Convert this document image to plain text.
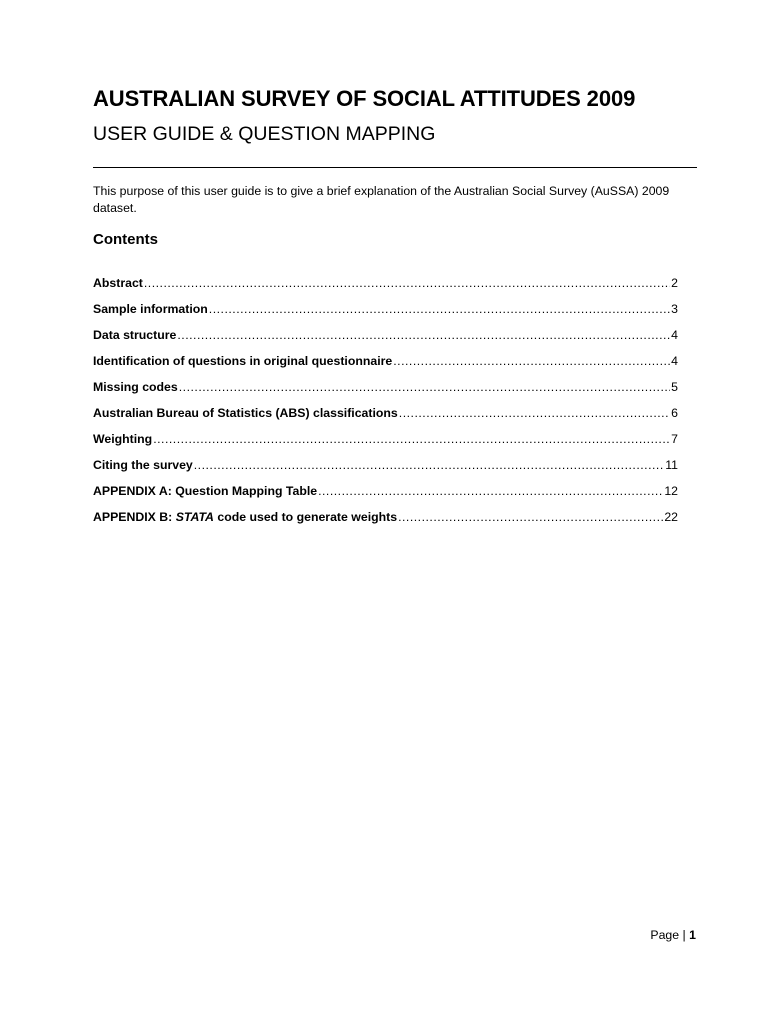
AUSTRALIAN SURVEY OF SOCIAL ATTITUDES 2009
USER GUIDE & QUESTION MAPPING

This purpose of this user guide is to give a brief explanation of the Australian Social Survey (AuSSA) 2009 dataset.

Contents
Abstract .....	2
Sample information .....	3
Data structure .....	4
Identification of questions in original questionnaire .....	4
Missing codes .....	5
Australian Bureau of Statistics (ABS) classifications .....	6
Weighting .....	7
Citing the survey .....	11
APPENDIX A: Question Mapping Table .....	12
APPENDIX B: STATA code used to generate weights .....	22
Page | 1
